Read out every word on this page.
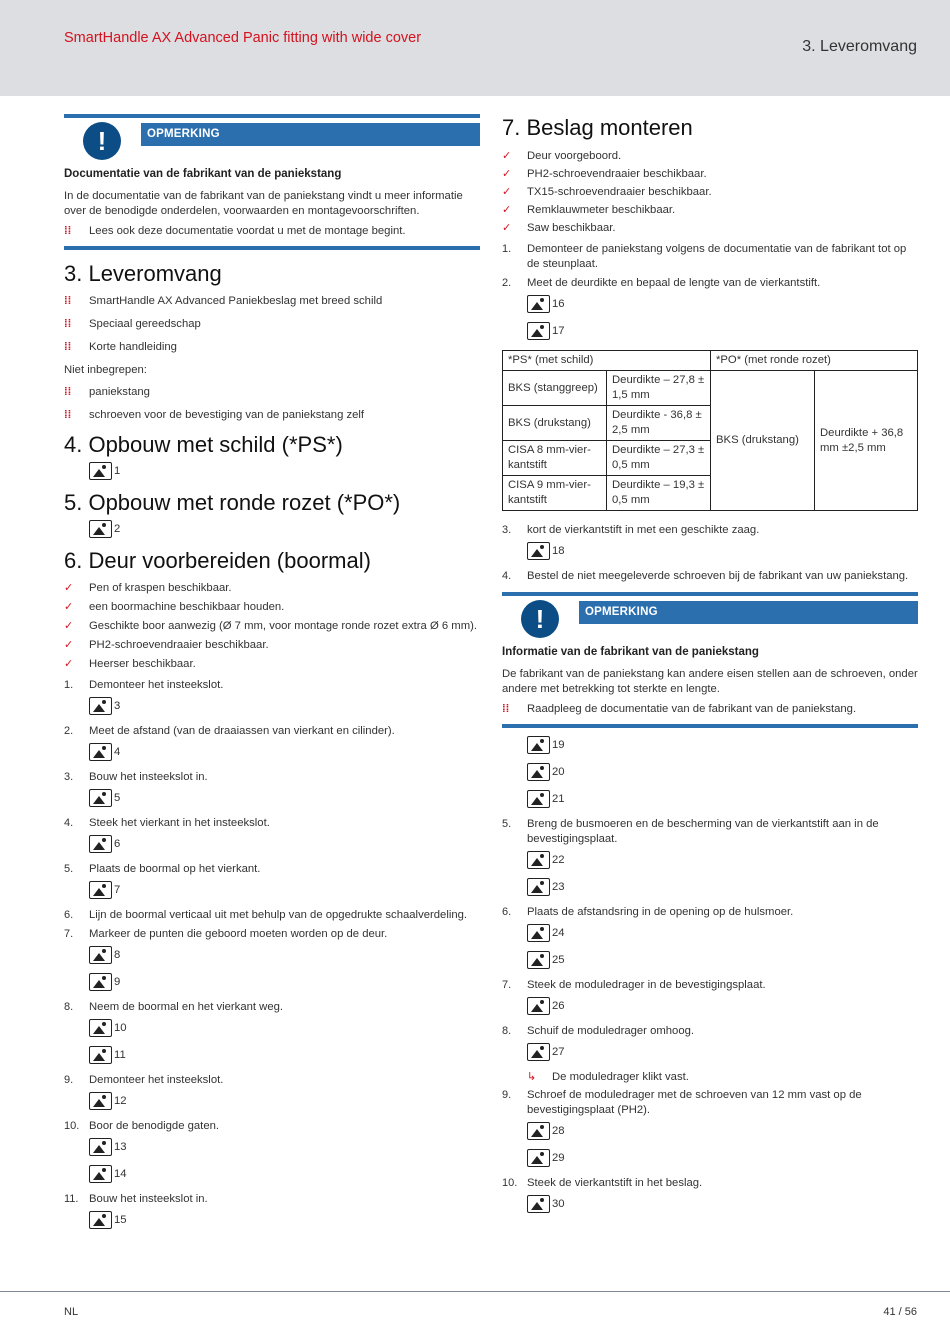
SmartHandle AX Advanced Panic fitting with wide cover	3. Leveromvang
!	OPMERKING

Documentatie van de fabrikant van de paniekstang

In de documentatie van de fabrikant van de paniekstang vindt u meer informatie over de benodigde onderdelen, voorwaarden en montagevoorschriften.

⁞⁞ Lees ook deze documentatie voordat u met de montage begint.
3. Leveromvang
⁞⁞ SmartHandle AX Advanced Paniekbeslag met breed schild
⁞⁞ Speciaal gereedschap
⁞⁞ Korte handleiding

Niet inbegrepen:

⁞⁞ paniekstang
⁞⁞ schroeven voor de bevestiging van de paniekstang zelf
4. Opbouw met schild (*PS*)
1
5. Opbouw met ronde rozet (*PO*)
2
6. Deur voorbereiden (boormal)
✓ Pen of kraspen beschikbaar.
✓ een boormachine beschikbaar houden.
✓ Geschikte boor aanwezig (Ø 7 mm, voor montage ronde rozet extra Ø 6 mm).
✓ PH2-schroevendraaier beschikbaar.
✓ Heerser beschikbaar.
1. Demonteer het insteekslot.
3
2. Meet de afstand (van de draaiassen van vierkant en cilinder).
4
3. Bouw het insteekslot in.
5
4. Steek het vierkant in het insteekslot.
6
5. Plaats de boormal op het vierkant.
7
6. Lijn de boormal verticaal uit met behulp van de opgedrukte schaalverdeling.
7. Markeer de punten die geboord moeten worden op de deur.
8
9
8. Neem de boormal en het vierkant weg.
10
11
9. Demonteer het insteekslot.
12
10. Boor de benodigde gaten.
13
14
11. Bouw het insteekslot in.
15
7. Beslag monteren
✓ Deur voorgeboord.
✓ PH2-schroevendraaier beschikbaar.
✓ TX15-schroevendraaier beschikbaar.
✓ Remklauwmeter beschikbaar.
✓ Saw beschikbaar.
1. Demonteer de paniekstang volgens de documentatie van de fabrikant tot op de steunplaat.
2. Meet de deurdikte en bepaal de lengte van de vierkantstift.
16
17
*PS* (met schild)		*PO* (met ronde rozet)	
BKS (stanggreep)	Deurdikte – 27,8 ± 1,5 mm	BKS (drukstang)	Deurdikte + 36,8 mm ±2,5 mm
BKS (drukstang)	Deurdikte - 36,8 ± 2,5 mm		
CISA 8 mm-vierkantstift	Deurdikte – 27,3 ± 0,5 mm		
CISA 9 mm-vierkantstift	Deurdikte – 19,3 ± 0,5 mm		
3. kort de vierkantstift in met een geschikte zaag.
18
4. Bestel de niet meegeleverde schroeven bij de fabrikant van uw paniekstang.
!	OPMERKING

Informatie van de fabrikant van de paniekstang

De fabrikant van de paniekstang kan andere eisen stellen aan de schroeven, onder andere met betrekking tot sterkte en lengte.

⁞⁞ Raadpleeg de documentatie van de fabrikant van de paniekstang.
19
20
21
5. Breng de busmoeren en de bescherming van de vierkantstift aan in de bevestigingsplaat.
22
23
6. Plaats de afstandsring in de opening op de hulsmoer.
24
25
7. Steek de moduledrager in de bevestigingsplaat.
26
8. Schuif de moduledrager omhoog.
27
↳ De moduledrager klikt vast.
9. Schroef de moduledrager met de schroeven van 12 mm vast op de bevestigingsplaat (PH2).
28
29
10. Steek de vierkantstift in het beslag.
30
NL	41 / 56
